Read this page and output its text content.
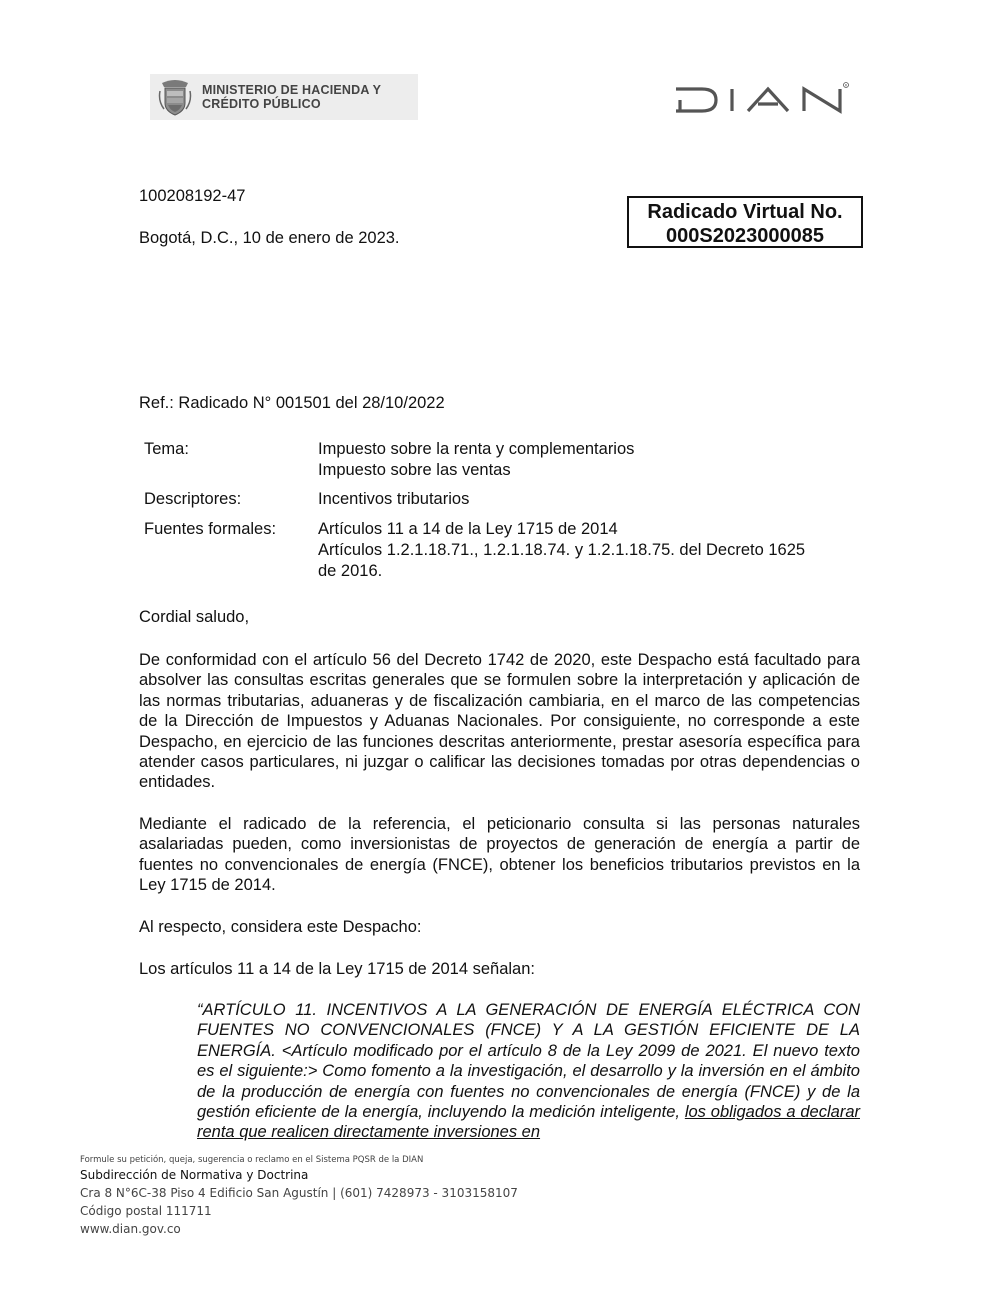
MINISTERIO DE HACIENDA Y
CRÉDITO PÚBLICO
R
100208192-47
Bogotá, D.C., 10 de enero de 2023.
Radicado Virtual No.
000S2023000085
Ref.: Radicado N° 001501 del 28/10/2022
Tema:	Impuesto sobre la renta y complementarios
Impuesto sobre las ventas
Descriptores:	Incentivos tributarios
Fuentes formales:	Artículos 11 a 14 de la Ley 1715 de 2014
Artículos 1.2.1.18.71., 1.2.1.18.74. y 1.2.1.18.75. del Decreto 1625
de 2016.
Cordial saludo,
De conformidad con el artículo 56 del Decreto 1742 de 2020, este Despacho está facultado para absolver las consultas escritas generales que se formulen sobre la interpretación y aplicación de las normas tributarias, aduaneras y de fiscalización cambiaria, en el marco de las competencias de la Dirección de Impuestos y Aduanas Nacionales. Por consiguiente, no corresponde a este Despacho, en ejercicio de las funciones descritas anteriormente, prestar asesoría específica para atender casos particulares, ni juzgar o calificar las decisiones tomadas por otras dependencias o entidades.
Mediante el radicado de la referencia, el peticionario consulta si las personas naturales asalariadas pueden, como inversionistas de proyectos de generación de energía a partir de fuentes no convencionales de energía (FNCE), obtener los beneficios tributarios previstos en la Ley 1715 de 2014.
Al respecto, considera este Despacho:
Los artículos 11 a 14 de la Ley 1715 de 2014 señalan:
“ARTÍCULO 11. INCENTIVOS A LA GENERACIÓN DE ENERGÍA ELÉCTRICA CON FUENTES NO CONVENCIONALES (FNCE) Y A LA GESTIÓN EFICIENTE DE LA ENERGÍA. <Artículo modificado por el artículo 8 de la Ley 2099 de 2021. El nuevo texto es el siguiente:> Como fomento a la investigación, el desarrollo y la inversión en el ámbito de la producción de energía con fuentes no convencionales de energía (FNCE) y de la gestión eficiente de la energía, incluyendo la medición inteligente, los obligados a declarar renta que realicen directamente inversiones en
Formule su petición, queja, sugerencia o reclamo en el Sistema PQSR de la DIAN
Subdirección de Normativa y Doctrina
Cra 8 N°6C-38 Piso 4 Edificio San Agustín | (601) 7428973 - 3103158107
Código postal 111711
www.dian.gov.co
